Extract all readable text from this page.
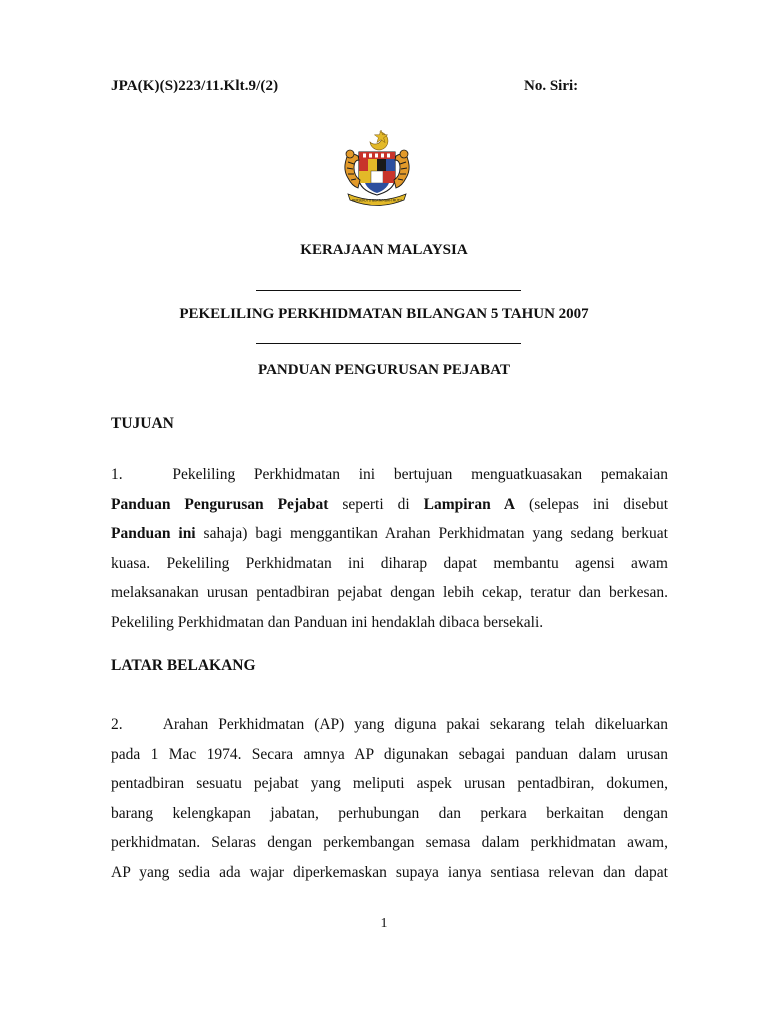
JPA(K)(S)223/11.Klt.9/(2)	No. Siri:
BERSEKUTU BERTAMBAH MUTU
KERAJAAN MALAYSIA
PEKELILING PERKHIDMATAN BILANGAN 5 TAHUN 2007
PANDUAN PENGURUSAN PEJABAT
TUJUAN
1.  	Pekeliling Perkhidmatan ini bertujuan menguatkuasakan pemakaian
Panduan Pengurusan Pejabat seperti di Lampiran A (selepas ini disebut
Panduan ini sahaja) bagi menggantikan Arahan Perkhidmatan yang sedang berkuat
kuasa. Pekeliling Perkhidmatan ini diharap dapat membantu agensi awam
melaksanakan urusan pentadbiran pejabat dengan lebih cekap, teratur dan berkesan.
Pekeliling Perkhidmatan dan Panduan ini hendaklah dibaca bersekali.
LATAR BELAKANG
2.  	Arahan Perkhidmatan (AP) yang diguna pakai sekarang telah dikeluarkan
pada 1 Mac 1974. Secara amnya AP digunakan sebagai panduan dalam urusan
pentadbiran sesuatu pejabat yang meliputi aspek urusan pentadbiran, dokumen,
barang kelengkapan jabatan, perhubungan dan perkara berkaitan dengan
perkhidmatan. Selaras dengan perkembangan semasa dalam perkhidmatan awam,
AP yang sedia ada wajar diperkemaskan supaya ianya sentiasa relevan dan dapat
1
